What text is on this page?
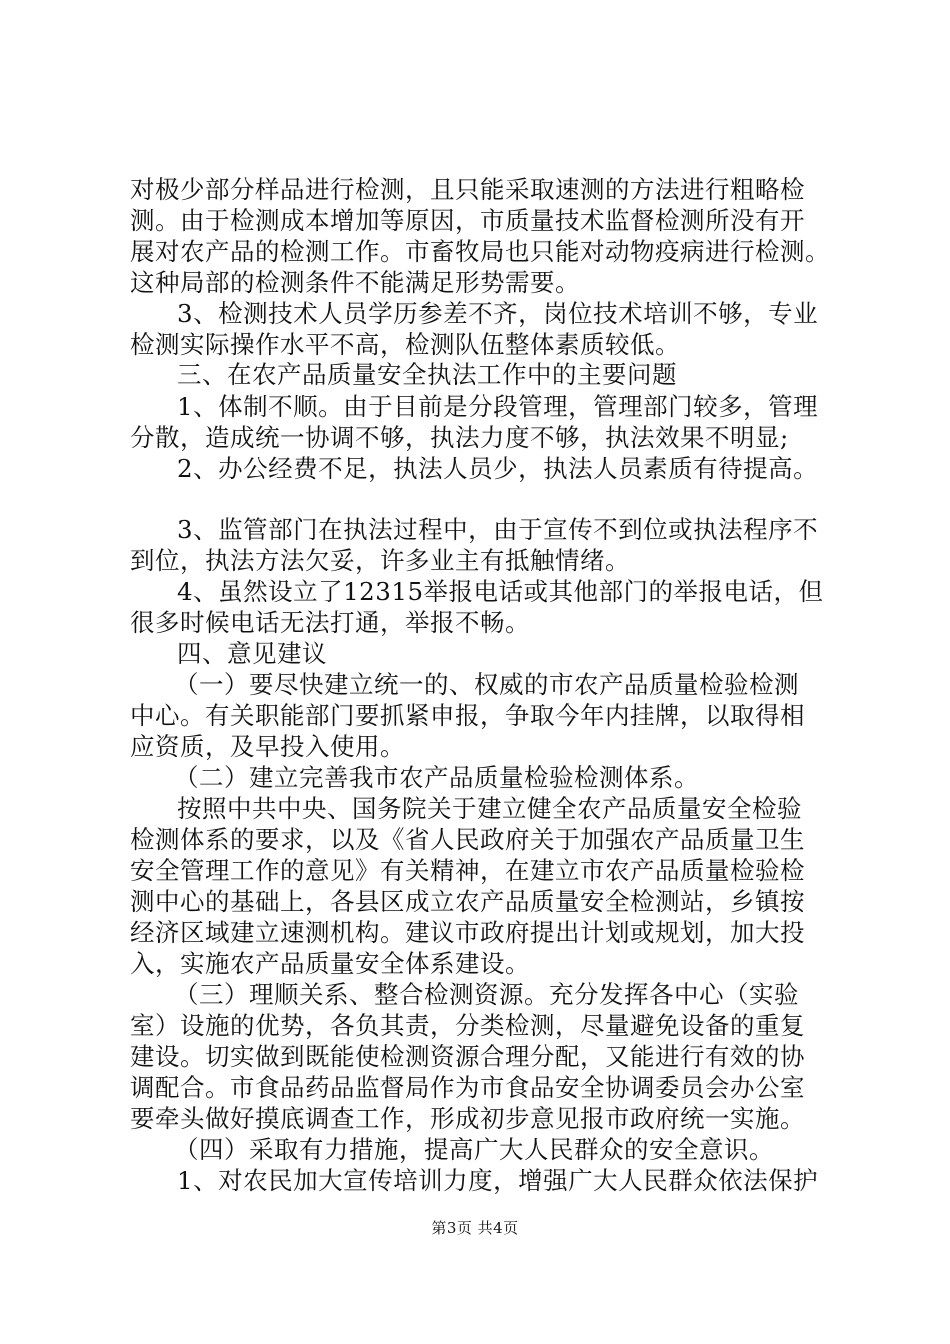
对极少部分样品进行检测，且只能采取速测的方法进行粗略检
测。由于检测成本增加等原因，市质量技术监督检测所没有开
展对农产品的检测工作。市畜牧局也只能对动物疫病进行检测。
这种局部的检测条件不能满足形势需要。
3、检测技术人员学历参差不齐，岗位技术培训不够，专业
检测实际操作水平不高，检测队伍整体素质较低。
三、在农产品质量安全执法工作中的主要问题
1、体制不顺。由于目前是分段管理，管理部门较多，管理
分散，造成统一协调不够，执法力度不够，执法效果不明显;
2、办公经费不足，执法人员少，执法人员素质有待提高。
3、监管部门在执法过程中，由于宣传不到位或执法程序不
到位，执法方法欠妥，许多业主有抵触情绪。
4、虽然设立了12315举报电话或其他部门的举报电话，但
很多时候电话无法打通，举报不畅。
四、意见建议
（一）要尽快建立统一的、权威的市农产品质量检验检测
中心。有关职能部门要抓紧申报，争取今年内挂牌，以取得相
应资质，及早投入使用。
（二）建立完善我市农产品质量检验检测体系。
按照中共中央、国务院关于建立健全农产品质量安全检验
检测体系的要求，以及《省人民政府关于加强农产品质量卫生
安全管理工作的意见》有关精神，在建立市农产品质量检验检
测中心的基础上，各县区成立农产品质量安全检测站，乡镇按
经济区域建立速测机构。建议市政府提出计划或规划，加大投
入，实施农产品质量安全体系建设。
（三）理顺关系、整合检测资源。充分发挥各中心（实验
室）设施的优势，各负其责，分类检测，尽量避免设备的重复
建设。切实做到既能使检测资源合理分配，又能进行有效的协
调配合。市食品药品监督局作为市食品安全协调委员会办公室
要牵头做好摸底调查工作，形成初步意见报市政府统一实施。
（四）采取有力措施，提高广大人民群众的安全意识。
1、对农民加大宣传培训力度，增强广大人民群众依法保护
第3页 共4页
